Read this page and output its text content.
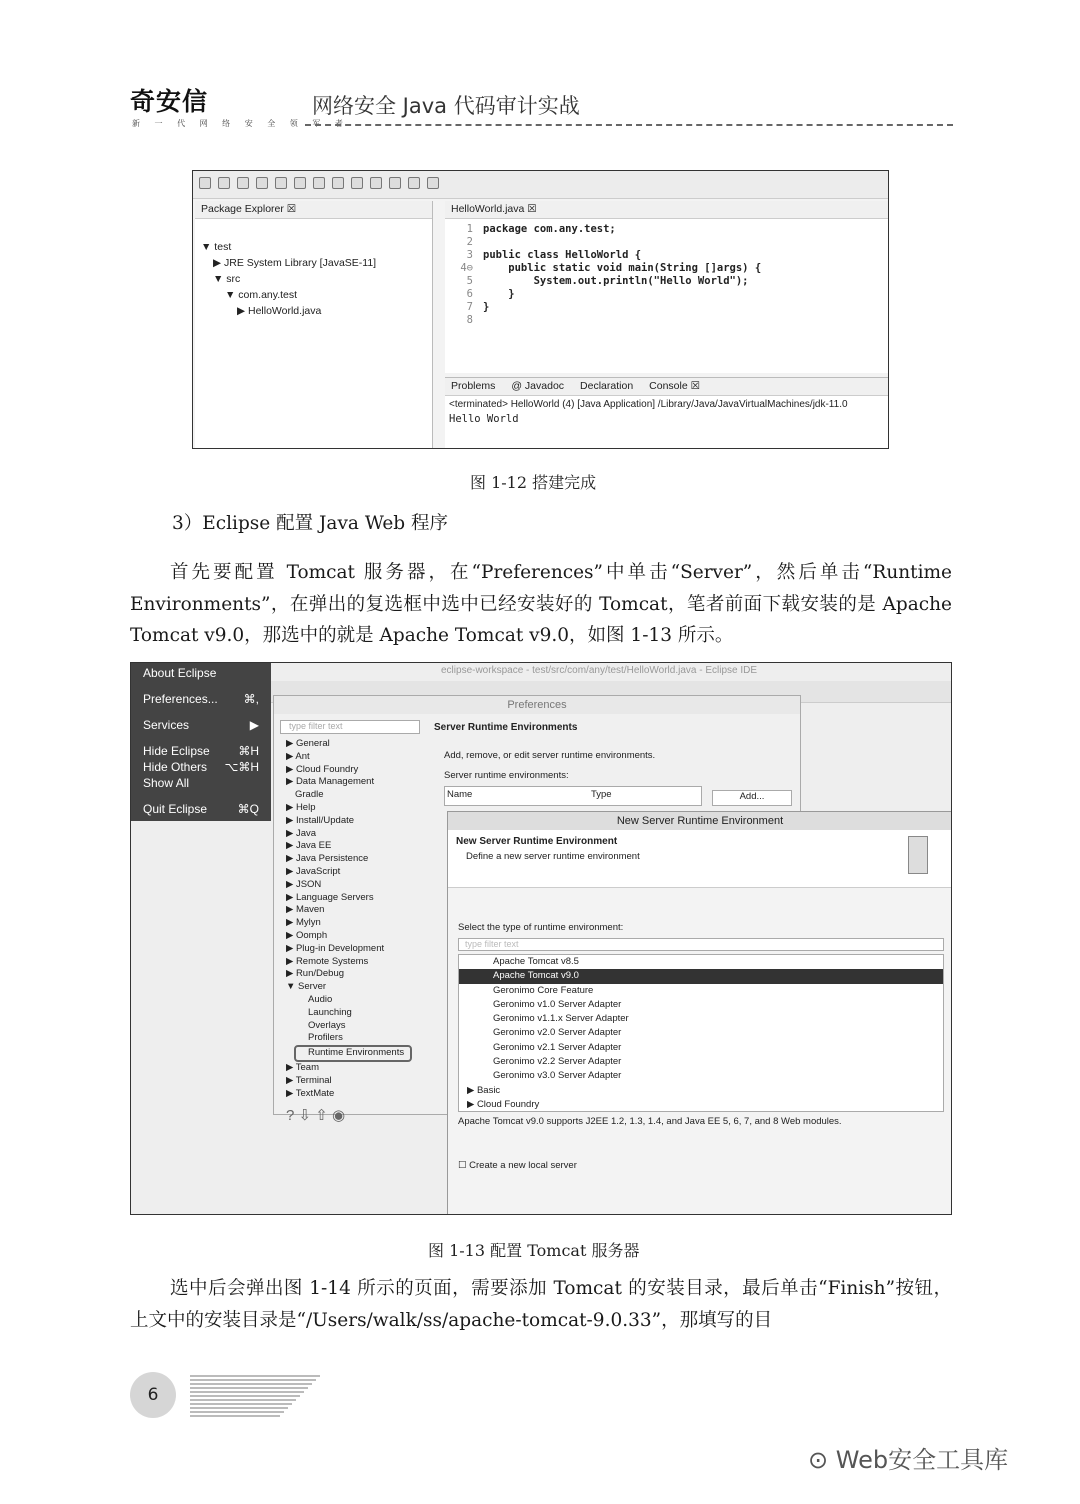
奇安信
新 一 代 网 络 安 全 领 军 者
网络安全 Java 代码审计实战
Package Explorer ☒
▼ test
▶ JRE System Library [JavaSE-11]
▼ src
▼ com.any.test
▶ HelloWorld.java
HelloWorld.java ☒
1 package com.any.test;
2
3 public class HelloWorld {
4⊖    public static void main(String []args) {
5        System.out.println("Hello World");
6    }
7 }
8
Problems @ Javadoc Declaration Console ☒
<terminated> HelloWorld (4) [Java Application] /Library/Java/JavaVirtualMachines/jdk-11.0
Hello World
图 1-12 搭建完成
3）Eclipse 配置 Java Web 程序
首先要配置 Tomcat 服务器，在“Preferences”中单击“Server”，然后单击“Runtime Environments”，在弹出的复选框中选中已经安装好的 Tomcat，笔者前面下载安装的是 Apache Tomcat v9.0，那选中的就是 Apache Tomcat v9.0，如图 1-13 所示。
eclipse-workspace - test/src/com/any/test/HelloWorld.java - Eclipse IDE
Preferences
type filter text
▶ General
▶ Ant
▶ Cloud Foundry
▶ Data Management
Gradle
▶ Help
▶ Install/Update
▶ Java
▶ Java EE
▶ Java Persistence
▶ JavaScript
▶ JSON
▶ Language Servers
▶ Maven
▶ Mylyn
▶ Oomph
▶ Plug-in Development
▶ Remote Systems
▶ Run/Debug
▼ Server
Audio
Launching
Overlays
Profilers
Runtime Environments
▶ Team
▶ Terminal
▶ TextMate
Server Runtime Environments
Add, remove, or edit server runtime environments.
Server runtime environments:
Name	Type	Add...
? ⇩ ⇧ ◉
New Server Runtime Environment
New Server Runtime Environment
Define a new server runtime environment
Select the type of runtime environment:
type filter text
Apache Tomcat v8.5
Apache Tomcat v9.0
Geronimo Core Feature
Geronimo v1.0 Server Adapter
Geronimo v1.1.x Server Adapter
Geronimo v2.0 Server Adapter
Geronimo v2.1 Server Adapter
Geronimo v2.2 Server Adapter
Geronimo v3.0 Server Adapter
▶ Basic
▶ Cloud Foundry
Apache Tomcat v9.0 supports J2EE 1.2, 1.3, 1.4, and Java EE 5, 6, 7, and 8 Web modules.
☐ Create a new local server
About Eclipse
Preferences... ⌘,
Services	▶
Hide Eclipse ⌘H
Hide Others ⌥⌘H
Show All
Quit Eclipse	⌘Q
图 1-13 配置 Tomcat 服务器
选中后会弹出图 1-14 所示的页面，需要添加 Tomcat 的安装目录，最后单击“Finish”按钮，上文中的安装目录是“/Users/walk/ss/apache-tomcat-9.0.33”，那填写的目
6
⊙ Web安全工具库
